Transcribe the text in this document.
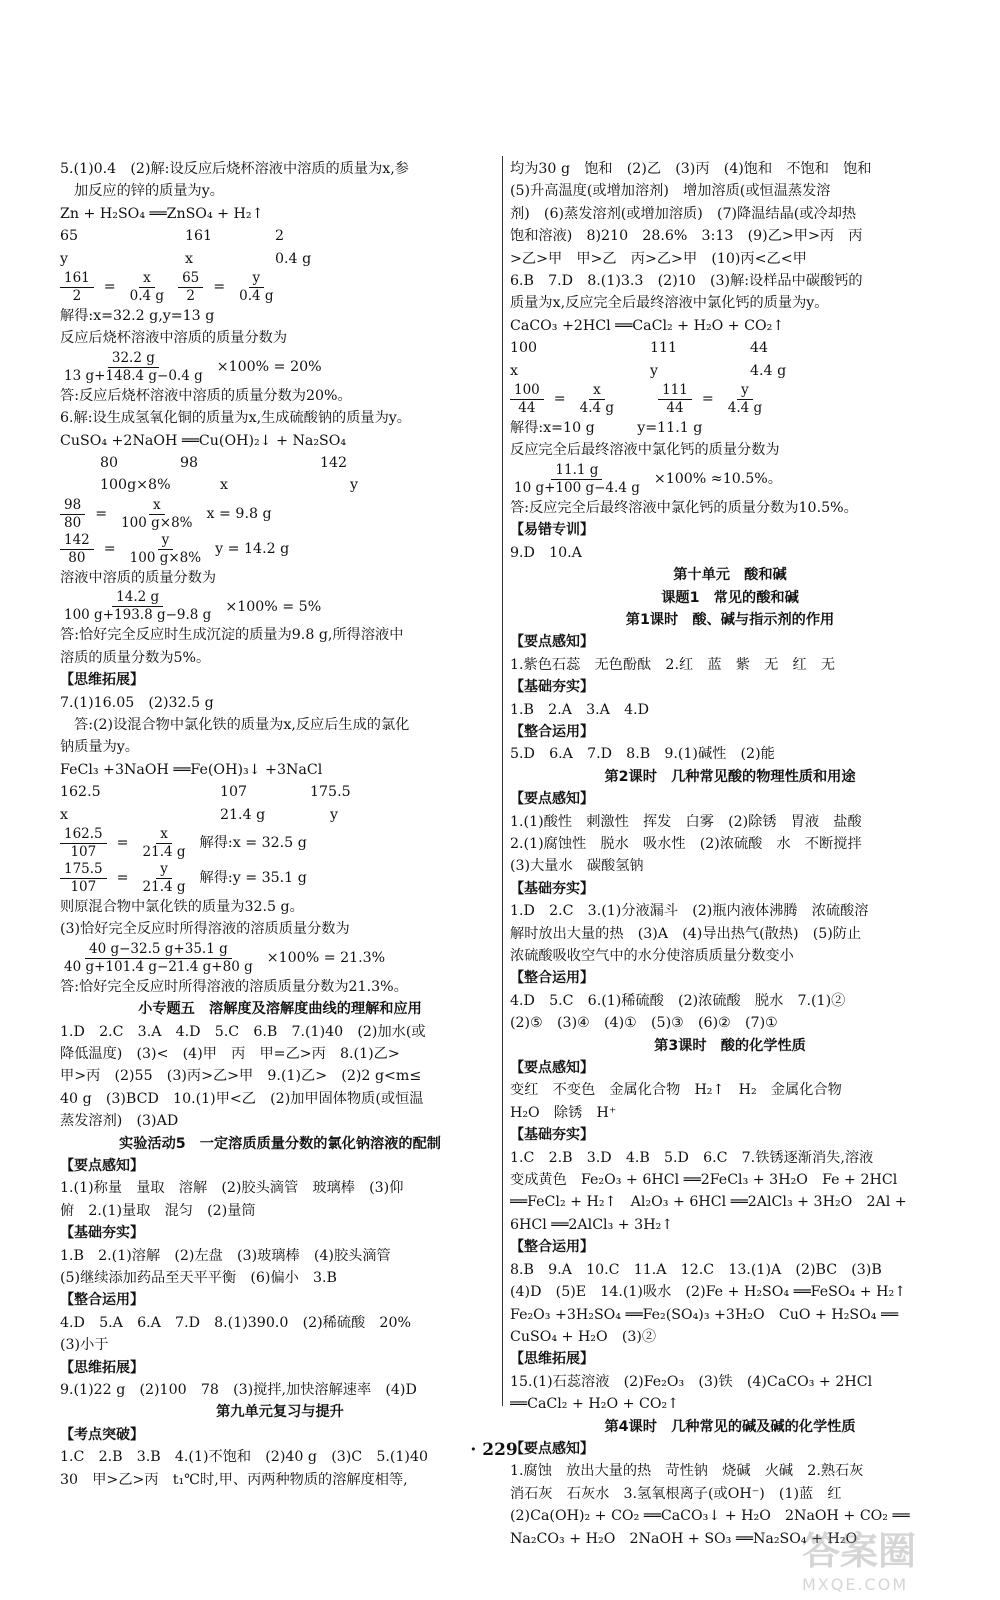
5.(1)0.4　(2)解:设反应后烧杯溶液中溶质的质量为x,参
加反应的锌的质量为y。
Zn + H₂SO₄ ══ZnSO₄ + H₂↑
65	161	2
y	x	0.4 g
$\frac{161}{2} = \frac{x}{0.4 g} \frac{65}{2} = \frac{y}{0.4 g}$
解得:x=32.2 g,y=13 g
反应后烧杯溶液中溶质的质量分数为
$\frac{32.2 g}{13 g+148.4 g-0.4 g} \times 100\% = 20\%$
答:反应后烧杯溶液中溶质的质量分数为20%。
6.解:设生成氢氧化铜的质量为x,生成硫酸钠的质量为y。
CuSO₄ +2NaOH ══Cu(OH)₂↓ + Na₂SO₄
80	98	142
100g×8%	x	y
$\frac{98}{80} = \frac{x}{100 g\times 8\%}$ x = 9.8 g
$\frac{142}{80} = \frac{y}{100 g\times 8\%}$ y = 14.2 g
溶液中溶质的质量分数为
$\frac{14.2 g}{100 g+193.8 g-9.8 g} \times 100\% = 5\%$
答:恰好完全反应时生成沉淀的质量为9.8 g,所得溶液中
溶质的质量分数为5%。
【思维拓展】
7.(1)16.05　(2)32.5 g
答:(2)设混合物中氯化铁的质量为x,反应后生成的氯化
钠质量为y。
FeCl₃ +3NaOH ══Fe(OH)₃↓ +3NaCl
162.5	107	175.5
x	21.4 g	y
$\frac{162.5}{107} = \frac{x}{21.4 g}$ 解得:x = 32.5 g
$\frac{175.5}{107} = \frac{y}{21.4 g}$ 解得:y = 35.1 g
则原混合物中氯化铁的质量为32.5 g。
(3)恰好完全反应时所得溶液的溶质质量分数为
$\frac{40 g-32.5 g+35.1 g}{40 g+101.4 g-21.4 g+80 g} \times 100\% = 21.3\%$
答:恰好完全反应时所得溶液的溶质质量分数为21.3%。
小专题五　溶解度及溶解度曲线的理解和应用
1.D　2.C　3.A　4.D　5.C　6.B　7.(1)40　(2)加水(或
降低温度)　(3)<　(4)甲　丙　甲=乙>丙　8.(1)乙>
甲>丙　(2)55　(3)丙>乙>甲　9.(1)乙>　(2)2 g<m≤
40 g　(3)BCD　10.(1)甲<乙　(2)加甲固体物质(或恒温
蒸发溶剂)　(3)AD
实验活动5　一定溶质质量分数的氯化钠溶液的配制
【要点感知】
1.(1)称量　量取　溶解　(2)胶头滴管　玻璃棒　(3)仰
俯　2.(1)量取　混匀　(2)量筒
【基础夯实】
1.B　2.(1)溶解　(2)左盘　(3)玻璃棒　(4)胶头滴管
(5)继续添加药品至天平平衡　(6)偏小　3.B
【整合运用】
4.D　5.A　6.A　7.D　8.(1)390.0　(2)稀硫酸　20%
(3)小于
【思维拓展】
9.(1)22 g　(2)100　78　(3)搅拌,加快溶解速率　(4)D
第九单元复习与提升
【考点突破】
1.C　2.B　3.B　4.(1)不饱和　(2)40 g　(3)C　5.(1)40
30　甲>乙>丙　t₁℃时,甲、丙两种物质的溶解度相等,
均为30 g　饱和　(2)乙　(3)丙　(4)饱和　不饱和　饱和
(5)升高温度(或增加溶剂)　增加溶质(或恒温蒸发溶
剂)　(6)蒸发溶剂(或增加溶质)　(7)降温结晶(或冷却热
饱和溶液)　8)210　28.6%　3:13　(9)乙>甲>丙　丙
>乙>甲　甲>乙　丙>乙>甲　(10)丙<乙<甲
6.B　7.D　8.(1)3.3　(2)10　(3)解:设样品中碳酸钙的
质量为x,反应完全后最终溶液中氯化钙的质量为y。
CaCO₃ +2HCl ══CaCl₂ + H₂O + CO₂↑
100	111	44
x	y	4.4 g
$\frac{100}{44} = \frac{x}{4.4 g}$	$\frac{111}{44} = \frac{y}{4.4 g}$
解得:x=10 g　　　y=11.1 g
反应完全后最终溶液中氯化钙的质量分数为
$\frac{11.1 g}{10 g+100 g-4.4 g} \times 100\% \approx 10.5\%$。
答:反应完全后最终溶液中氯化钙的质量分数为10.5%。
【易错专训】
9.D　10.A
第十单元　酸和碱
课题1　常见的酸和碱
第1课时　酸、碱与指示剂的作用
【要点感知】
1.紫色石蕊　无色酚酞　2.红　蓝　紫　无　红　无
【基础夯实】
1.B　2.A　3.A　4.D
【整合运用】
5.D　6.A　7.D　8.B　9.(1)碱性　(2)能
第2课时　几种常见酸的物理性质和用途
【要点感知】
1.(1)酸性　刺激性　挥发　白雾　(2)除锈　胃液　盐酸
2.(1)腐蚀性　脱水　吸水性　(2)浓硫酸　水　不断搅拌
(3)大量水　碳酸氢钠
【基础夯实】
1.D　2.C　3.(1)分液漏斗　(2)瓶内液体沸腾　浓硫酸溶
解时放出大量的热　(3)A　(4)导出热气(散热)　(5)防止
浓硫酸吸收空气中的水分使溶质质量分数变小
【整合运用】
4.D　5.C　6.(1)稀硫酸　(2)浓硫酸　脱水　7.(1)②
(2)⑤　(3)④　(4)①　(5)③　(6)②　(7)①
第3课时　酸的化学性质
【要点感知】
变红　不变色　金属化合物　H₂↑　H₂　金属化合物
H₂O　除锈　H⁺
【基础夯实】
1.C　2.B　3.D　4.B　5.D　6.C　7.铁锈逐渐消失,溶液
变成黄色　Fe₂O₃ + 6HCl ══2FeCl₃ + 3H₂O　Fe + 2HCl
══FeCl₂ + H₂↑　Al₂O₃ + 6HCl ══2AlCl₃ + 3H₂O　2Al +
6HCl ══2AlCl₃ + 3H₂↑
【整合运用】
8.B　9.A　10.C　11.A　12.C　13.(1)A　(2)BC　(3)B
(4)D　(5)E　14.(1)吸水　(2)Fe + H₂SO₄ ══FeSO₄ + H₂↑
Fe₂O₃ +3H₂SO₄ ══Fe₂(SO₄)₃ +3H₂O　CuO + H₂SO₄ ══
CuSO₄ + H₂O　(3)②
【思维拓展】
15.(1)石蕊溶液　(2)Fe₂O₃　(3)铁　(4)CaCO₃ + 2HCl
══CaCl₂ + H₂O + CO₂↑
第4课时　几种常见的碱及碱的化学性质
【要点感知】
1.腐蚀　放出大量的热　苛性钠　烧碱　火碱　2.熟石灰
消石灰　石灰水　3.氢氧根离子(或OH⁻)　(1)蓝　红
(2)Ca(OH)₂ + CO₂ ══CaCO₃↓ + H₂O　2NaOH + CO₂ ══
Na₂CO₃ + H₂O　2NaOH + SO₃ ══Na₂SO₄ + H₂O
· 229 ·
答案圈
MXQE.COM
